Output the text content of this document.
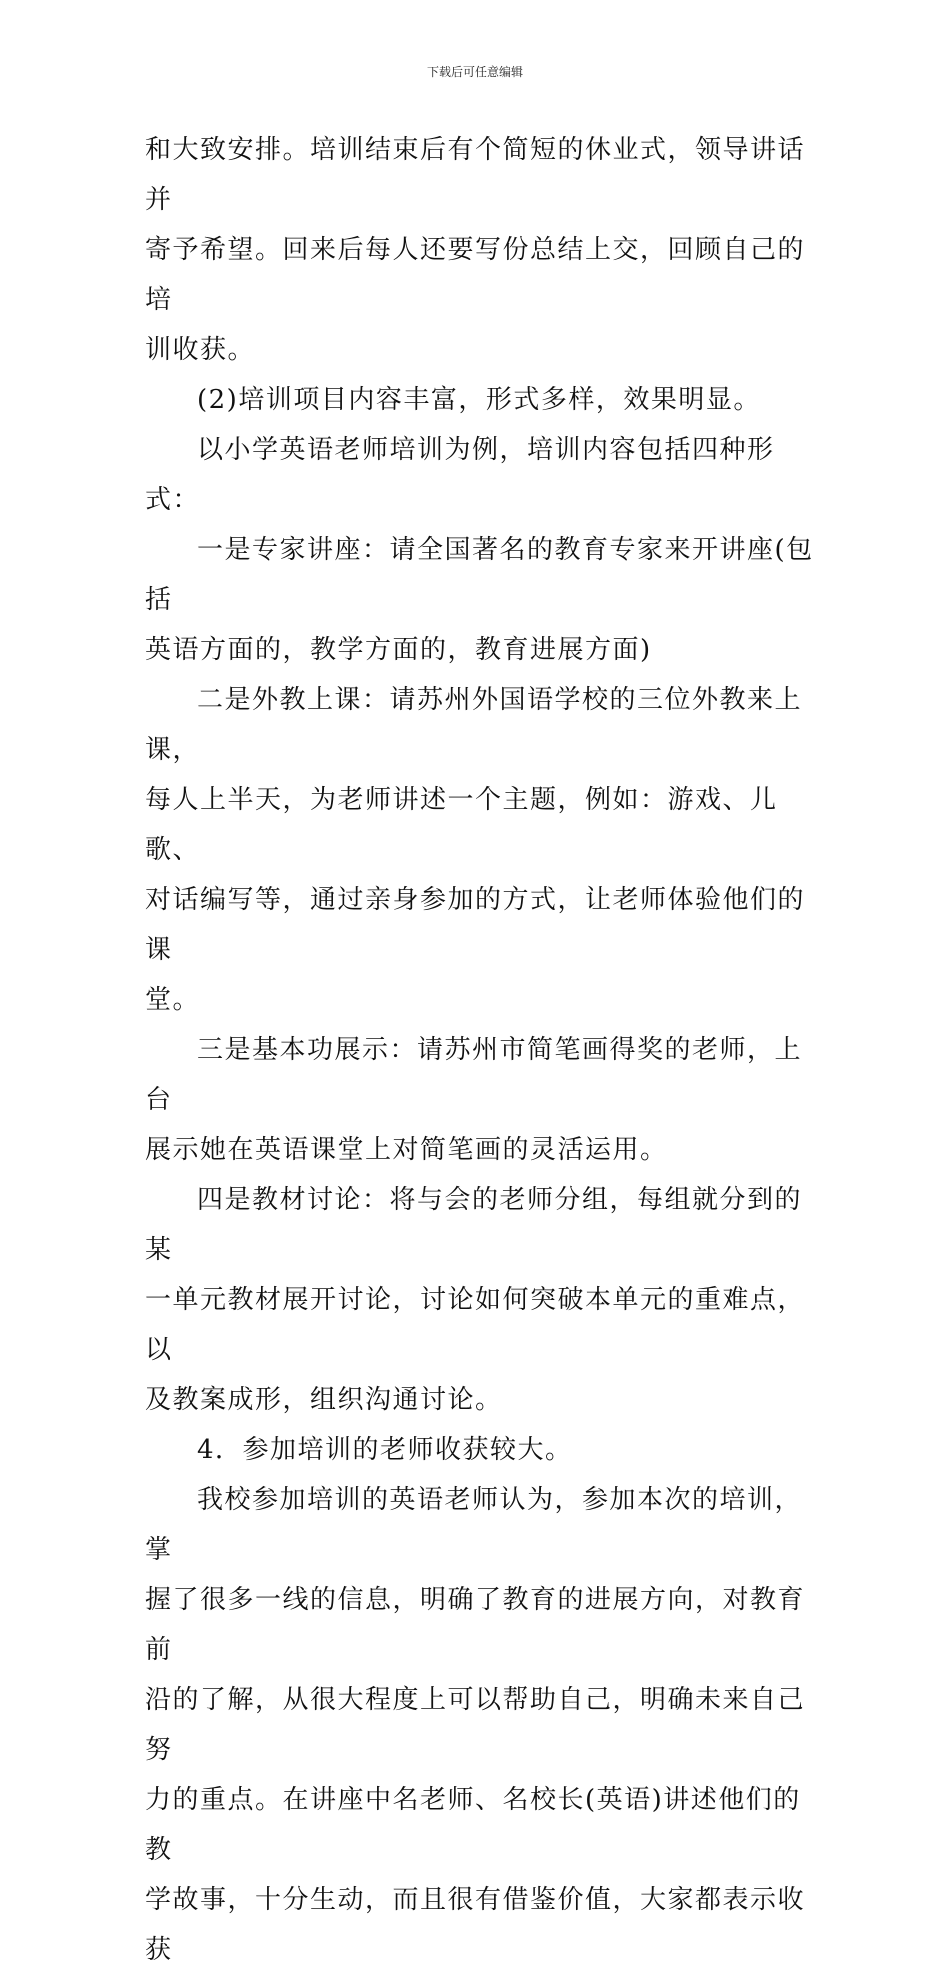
下载后可任意编辑

和大致安排。培训结束后有个简短的休业式，领导讲话并

寄予希望。回来后每人还要写份总结上交，回顾自己的培

训收获。

(2)培训项目内容丰富，形式多样，效果明显。

以小学英语老师培训为例，培训内容包括四种形式：

一是专家讲座：请全国著名的教育专家来开讲座(包括

英语方面的，教学方面的，教育进展方面)

二是外教上课：请苏州外国语学校的三位外教来上课，

每人上半天，为老师讲述一个主题，例如：游戏、儿歌、

对话编写等，通过亲身参加的方式，让老师体验他们的课

堂。

三是基本功展示：请苏州市简笔画得奖的老师，上台

展示她在英语课堂上对简笔画的灵活运用。

四是教材讨论：将与会的老师分组，每组就分到的某

一单元教材展开讨论，讨论如何突破本单元的重难点，以

及教案成形，组织沟通讨论。

4．参加培训的老师收获较大。

我校参加培训的英语老师认为，参加本次的培训，掌

握了很多一线的信息，明确了教育的进展方向，对教育前

沿的了解，从很大程度上可以帮助自己，明确未来自己努

力的重点。在讲座中名老师、名校长(英语)讲述他们的教

学故事，十分生动，而且很有借鉴价值，大家都表示收获
